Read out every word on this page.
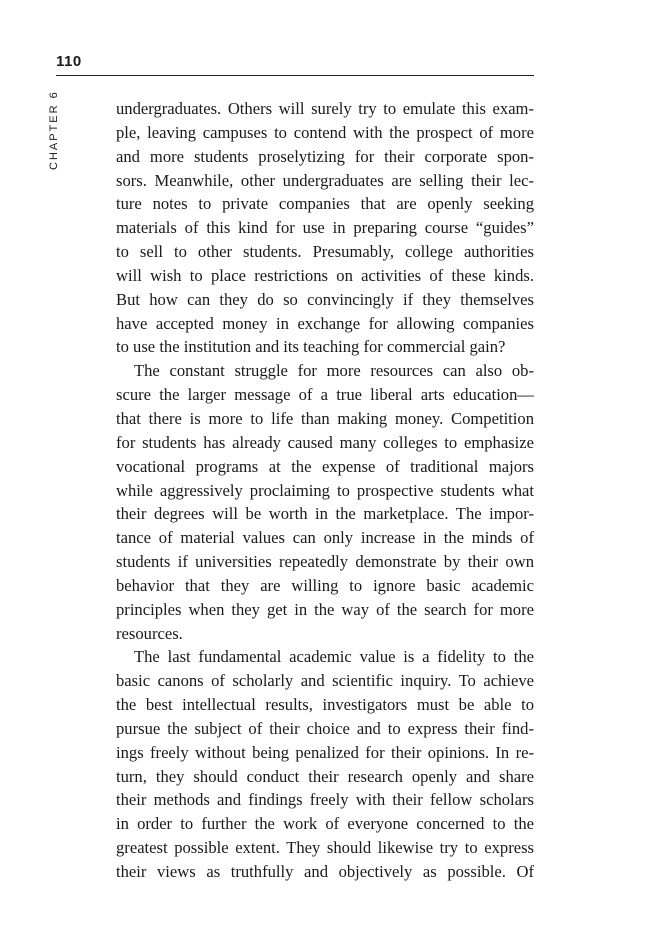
110
CHAPTER 6	undergraduates. Others will surely try to emulate this exam-
ple, leaving campuses to contend with the prospect of more
and more students proselytizing for their corporate spon-
sors. Meanwhile, other undergraduates are selling their lec-
ture notes to private companies that are openly seeking
materials of this kind for use in preparing course “guides”
to sell to other students. Presumably, college authorities
will wish to place restrictions on activities of these kinds.
But how can they do so convincingly if they themselves
have accepted money in exchange for allowing companies
to use the institution and its teaching for commercial gain?
The constant struggle for more resources can also ob-
scure the larger message of a true liberal arts education—
that there is more to life than making money. Competition
for students has already caused many colleges to emphasize
vocational programs at the expense of traditional majors
while aggressively proclaiming to prospective students what
their degrees will be worth in the marketplace. The impor-
tance of material values can only increase in the minds of
students if universities repeatedly demonstrate by their own
behavior that they are willing to ignore basic academic
principles when they get in the way of the search for more
resources.
The last fundamental academic value is a fidelity to the
basic canons of scholarly and scientific inquiry. To achieve
the best intellectual results, investigators must be able to
pursue the subject of their choice and to express their find-
ings freely without being penalized for their opinions. In re-
turn, they should conduct their research openly and share
their methods and findings freely with their fellow scholars
in order to further the work of everyone concerned to the
greatest possible extent. They should likewise try to express
their views as truthfully and objectively as possible. Of
